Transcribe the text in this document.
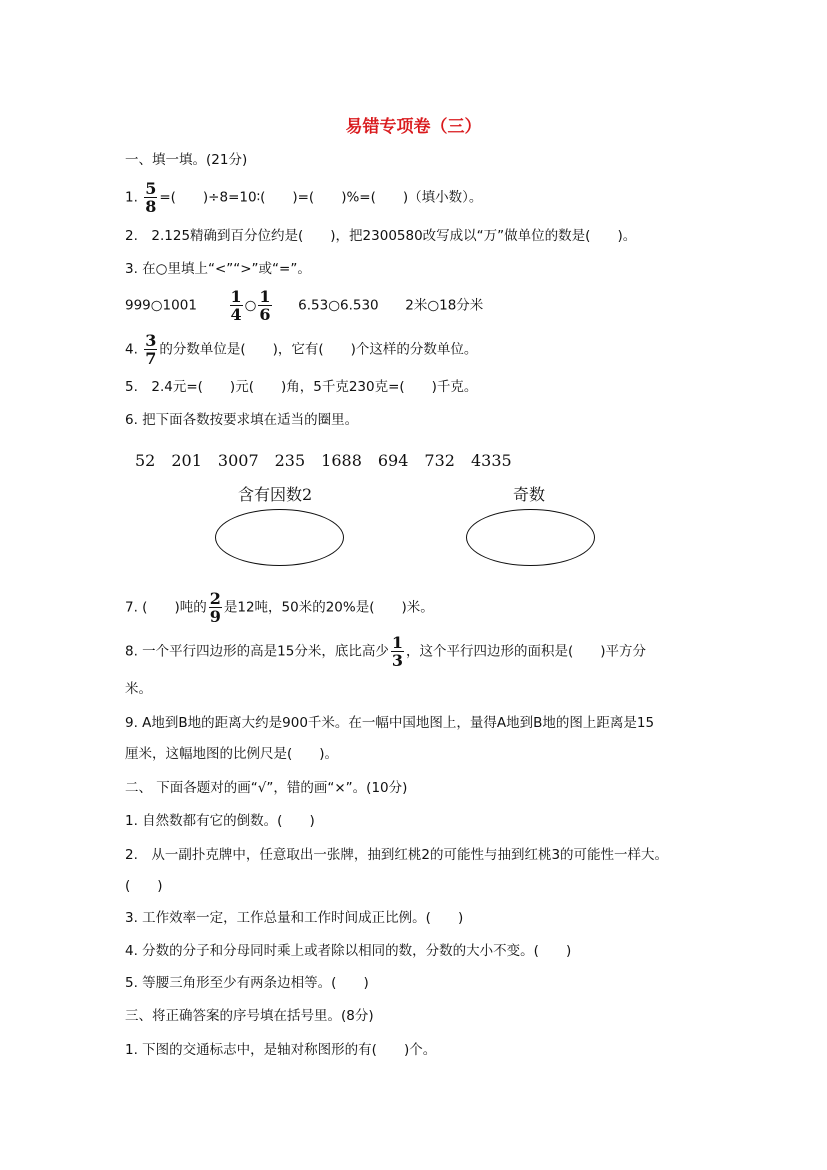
易错专项卷（三）
一、填一填。(21分)
1. $\frac{5}{8}$ =(　　)÷8=10∶(　　)=(　　)%=(　　)（填小数）。
2.　2.125精确到百分位约是(　　)，把2300580改写成以“万”做单位的数是(　　)。
3. 在○里填上“<”“>”或“=”。
999○1001 $\frac{1}{4}$ ○ $\frac{1}{6}$ 6.53○6.530 2米○18分米
4. $\frac{3}{7}$ 的分数单位是(　　)，它有(　　)个这样的分数单位。
5.　2.4元=(　　)元(　　)角，5千克230克=(　　)千克。
6. 把下面各数按要求填在适当的圈里。
52　201　3007　235　1688　694　732　4335
含有因数2	奇数
7. (　　)吨的 $\frac{2}{9}$ 是12吨，50米的20%是(　　)米。
8. 一个平行四边形的高是15分米，底比高少 $\frac{1}{3}$ ，这个平行四边形的面积是(　　)平方分
米。
9. A地到B地的距离大约是900千米。在一幅中国地图上，量得A地到B地的图上距离是15
厘米，这幅地图的比例尺是(　　)。
二、 下面各题对的画“√”，错的画“×”。(10分)
1. 自然数都有它的倒数。(　　)
2.　从一副扑克牌中，任意取出一张牌，抽到红桃2的可能性与抽到红桃3的可能性一样大。
(　　)
3. 工作效率一定，工作总量和工作时间成正比例。(　　)
4. 分数的分子和分母同时乘上或者除以相同的数，分数的大小不变。(　　)
5. 等腰三角形至少有两条边相等。(　　)
三、将正确答案的序号填在括号里。(8分)
1. 下图的交通标志中，是轴对称图形的有(　　)个。
